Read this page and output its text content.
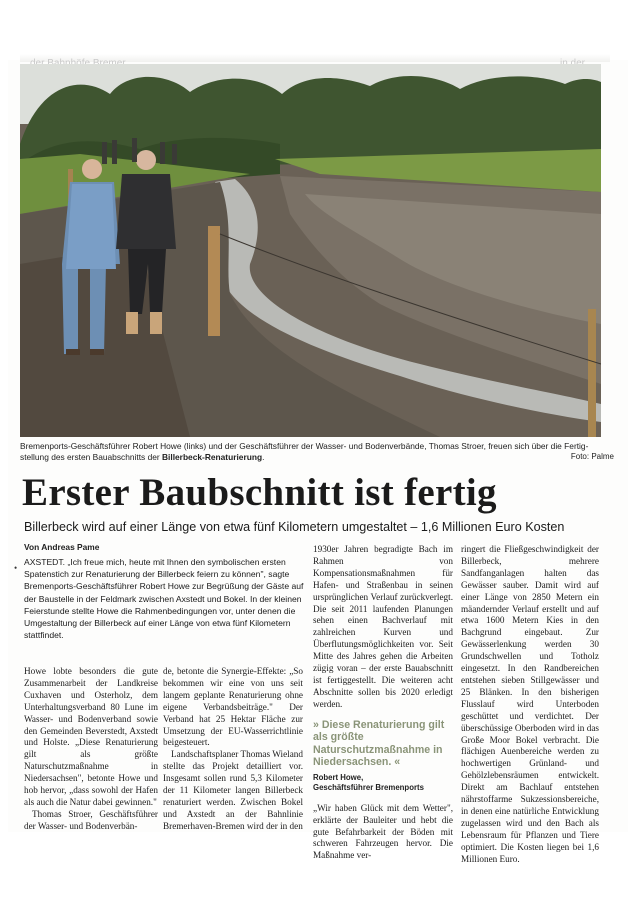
Bremenports-Geschäftsführer Robert Howe (links) und der Geschäftsführer der Wasser- und Bodenverbände, Thomas Stroer, freuen sich über die Fertig-
stellung des ersten Bauabschnitts der Billerbeck-Renaturierung.	Foto: Palme
Erster Baubschnitt ist fertig
Billerbeck wird auf einer Länge von etwa fünf Kilometern umgestaltet – 1,6 Millionen Euro Kosten
Von Andreas Pame
•
AXSTEDT. „Ich freue mich, heute mit Ihnen den symbolischen ersten Spatenstich zur Renaturierung der Billerbeck feiern zu können", sagte Bremenports-Geschäftsführer Robert Howe zur Begrüßung der Gäste auf der Baustelle in der Feldmark zwischen Axstedt und Bokel. In der kleinen Feierstunde stellte Howe die Rahmenbedingungen vor, unter denen die Umgestaltung der Billerbeck auf einer Länge von etwa fünf Kilometern stattfindet.

Howe lobte besonders die gute Zusammenarbeit der Landkreise Cuxhaven und Osterholz, dem Unterhaltungsverband 80 Lune im Wasser- und Bodenverband sowie den Gemeinden Beverstedt, Axstedt und Holste. „Diese Renaturierung gilt als größte Naturschutzmaßnahme in Niedersachsen", betonte Howe und hob hervor, „dass sowohl der Hafen als auch die Natur dabei gewinnen."

Thomas Stroer, Geschäftsführer der Wasser- und Bodenverbän-

de, betonte die Synergie-Effekte: „So bekommen wir eine von uns seit langem geplante Renaturierung ohne eigene Verbandsbeiträge." Der Verband hat 25 Hektar Fläche zur Umsetzung der EU-Wasserrichtlinie beigesteuert.

Landschaftsplaner Thomas Wieland stellte das Projekt detailliert vor. Insgesamt sollen rund 5,3 Kilometer der 11 Kilometer langen Billerbeck renaturiert werden. Zwischen Bokel und Axstedt an der Bahnlinie Bremerhaven-Bremen wird der in den

1930er Jahren begradigte Bach im Rahmen von Kompensationsmaßnahmen für Hafen- und Straßenbau in seinen ursprünglichen Verlauf zurückverlegt. Die seit 2011 laufenden Planungen sehen einen Bachverlauf mit zahlreichen Kurven und Überflutungsmöglichkeiten vor. Seit Mitte des Jahres gehen die Arbeiten zügig voran – der erste Bauabschnitt ist fertiggestellt. Die weiteren acht Abschnitte sollen bis 2020 erledigt werden.

» Diese Renaturierung gilt als größte Naturschutzmaßnahme in Niedersachsen. «
Robert Howe,
Geschäftsführer Bremenports

„Wir haben Glück mit dem Wetter", erklärte der Bauleiter und hebt die gute Befahrbarkeit der Böden mit schweren Fahrzeugen hervor. Die Maßnahme ver-

ringert die Fließgeschwindigkeit der Billerbeck, mehrere Sandfanganlagen halten das Gewässer sauber. Damit wird auf einer Länge von 2850 Metern ein mäandernder Verlauf erstellt und auf etwa 1600 Metern Kies in den Bachgrund eingebaut. Zur Gewässerlenkung werden 30 Grundschwellen und Totholz eingesetzt. In den Randbereichen entstehen sieben Stillgewässer und 25 Blänken. In den bisherigen Flusslauf wird Unterboden geschüttet und verdichtet. Der überschüssige Oberboden wird in das Große Moor Bokel verbracht. Die flächigen Auenbereiche werden zu hochwertigen Grünland- und Gehölzlebensräumen entwickelt. Direkt am Bachlauf entstehen nährstoffarme Sukzessionsbereiche, in denen eine natürliche Entwicklung zugelassen wird und den Bach als Lebensraum für Pflanzen und Tiere optimiert. Die Kosten liegen bei 1,6 Millionen Euro.
